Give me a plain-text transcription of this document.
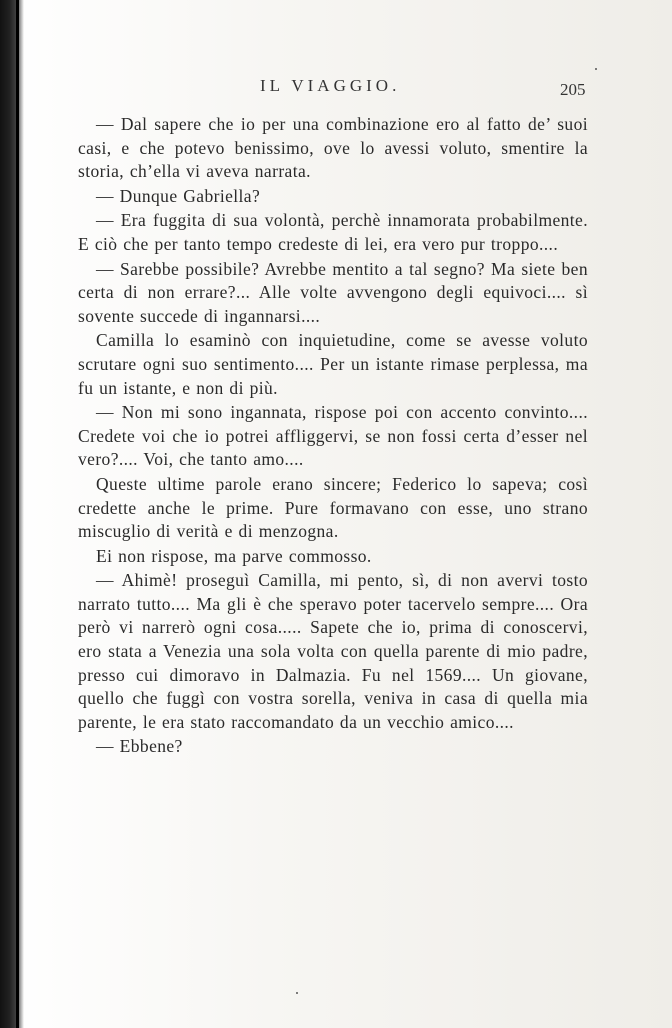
IL VIAGGIO.	205

— Dal sapere che io per una combinazione ero al fatto de’ suoi casi, e che potevo benissimo, ove lo avessi voluto, smentire la storia, ch’ella vi aveva narrata.

— Dunque Gabriella?

— Era fuggita di sua volontà, perchè innamorata probabilmente. E ciò che per tanto tempo credeste di lei, era vero pur troppo....

— Sarebbe possibile? Avrebbe mentito a tal segno? Ma siete ben certa di non errare?... Alle volte avvengono degli equivoci.... sì sovente succede di ingannarsi....

Camilla lo esaminò con inquietudine, come se avesse voluto scrutare ogni suo sentimento.... Per un istante rimase perplessa, ma fu un istante, e non di più.

— Non mi sono ingannata, rispose poi con accento convinto.... Credete voi che io potrei affliggervi, se non fossi certa d’esser nel vero?.... Voi, che tanto amo....

Queste ultime parole erano sincere; Federico lo sapeva; così credette anche le prime. Pure formavano con esse, uno strano miscuglio di verità e di menzogna.

Ei non rispose, ma parve commosso.

— Ahimè! proseguì Camilla, mi pento, sì, di non avervi tosto narrato tutto.... Ma gli è che speravo poter tacervelo sempre.... Ora però vi narrerò ogni cosa..... Sapete che io, prima di conoscervi, ero stata a Venezia una sola volta con quella parente di mio padre, presso cui dimoravo in Dalmazia. Fu nel 1569.... Un giovane, quello che fuggì con vostra sorella, veniva in casa di quella mia parente, le era stato raccomandato da un vecchio amico....

— Ebbene?
